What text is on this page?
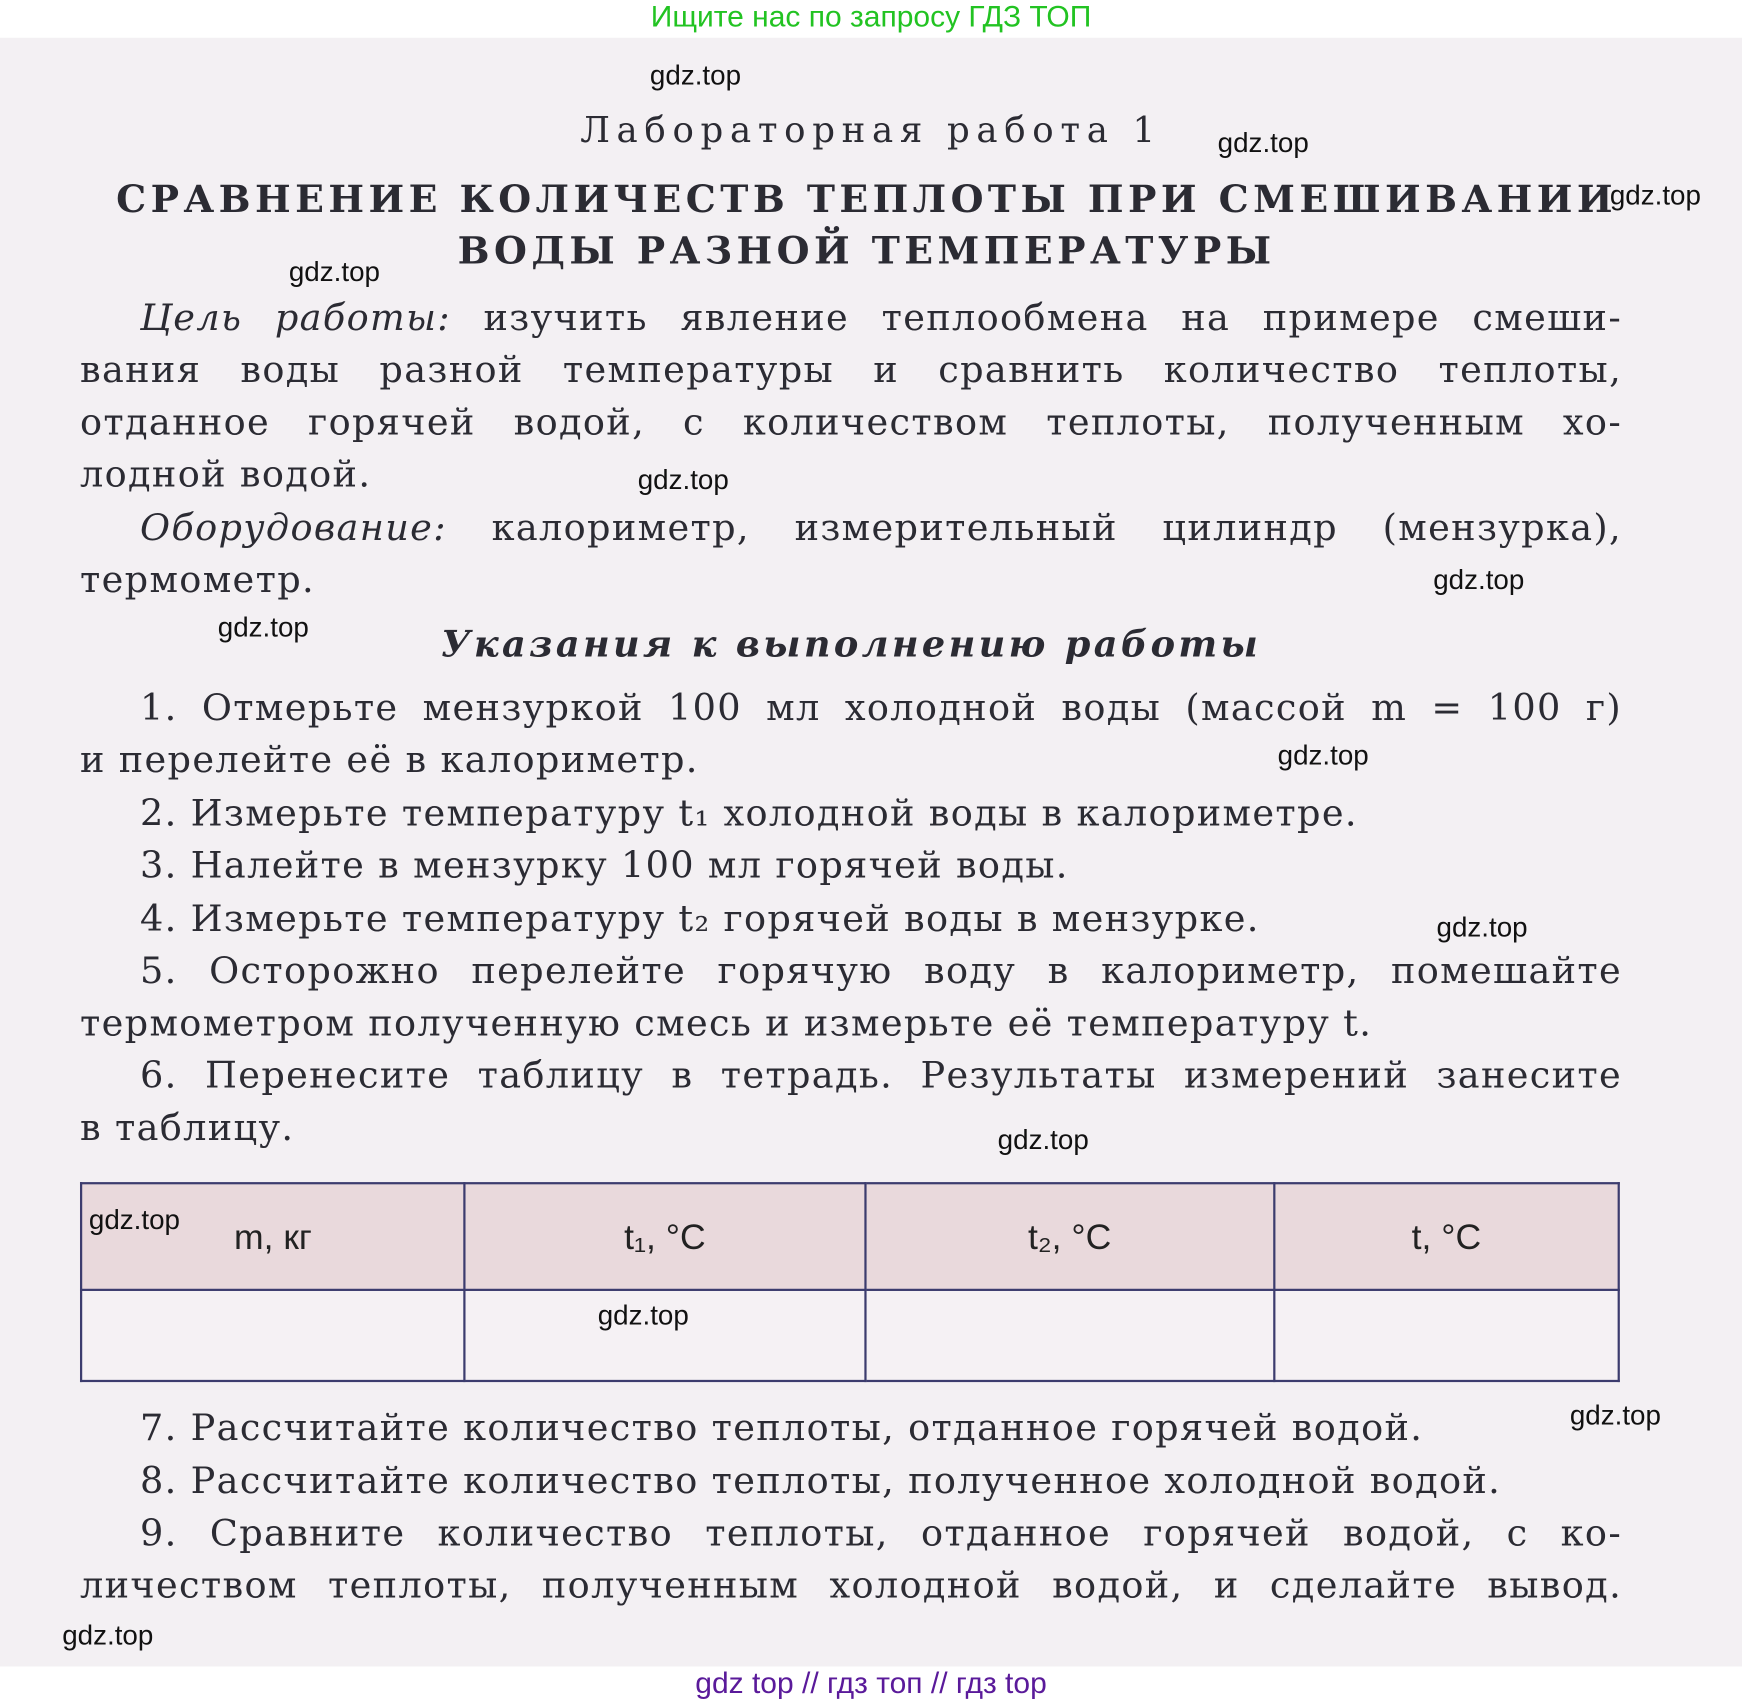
Ищите нас по запросу ГДЗ ТОП
Лабораторная работа 1
СРАВНЕНИЕ КОЛИЧЕСТВ ТЕПЛОТЫ ПРИ СМЕШИВАНИИ
ВОДЫ РАЗНОЙ ТЕМПЕРАТУРЫ
Цель работы: изучить явление теплообмена на примере смеши-
вания воды разной температуры и сравнить количество теплоты,
отданное горячей водой, с количеством теплоты, полученным хо-
лодной водой.
Оборудование: калориметр, измерительный цилиндр (мензурка),
термометр.
Указания к выполнению работы
1. Отмерьте мензуркой 100 мл холодной воды (массой m = 100 г)
и перелейте её в калориметр.
2. Измерьте температуру t₁ холодной воды в калориметре.
3. Налейте в мензурку 100 мл горячей воды.
4. Измерьте температуру t₂ горячей воды в мензурке.
5. Осторожно перелейте горячую воду в калориметр, помешайте
термометром полученную смесь и измерьте её температуру t.
6. Перенесите таблицу в тетрадь. Результаты измерений занесите
в таблицу.
m, кг	t₁, °С	t₂, °С	t, °С

7. Рассчитайте количество теплоты, отданное горячей водой.
8. Рассчитайте количество теплоты, полученное холодной водой.
9. Сравните количество теплоты, отданное горячей водой, с ко-
личеством теплоты, полученным холодной водой, и сделайте вывод.
gdz.top
gdz.top
gdz.top
gdz.top
gdz.top
gdz.top
gdz.top
gdz.top
gdz.top
gdz.top
gdz.top
gdz.top
gdz.top
gdz.top
gdz top // гдз топ // гдз top
